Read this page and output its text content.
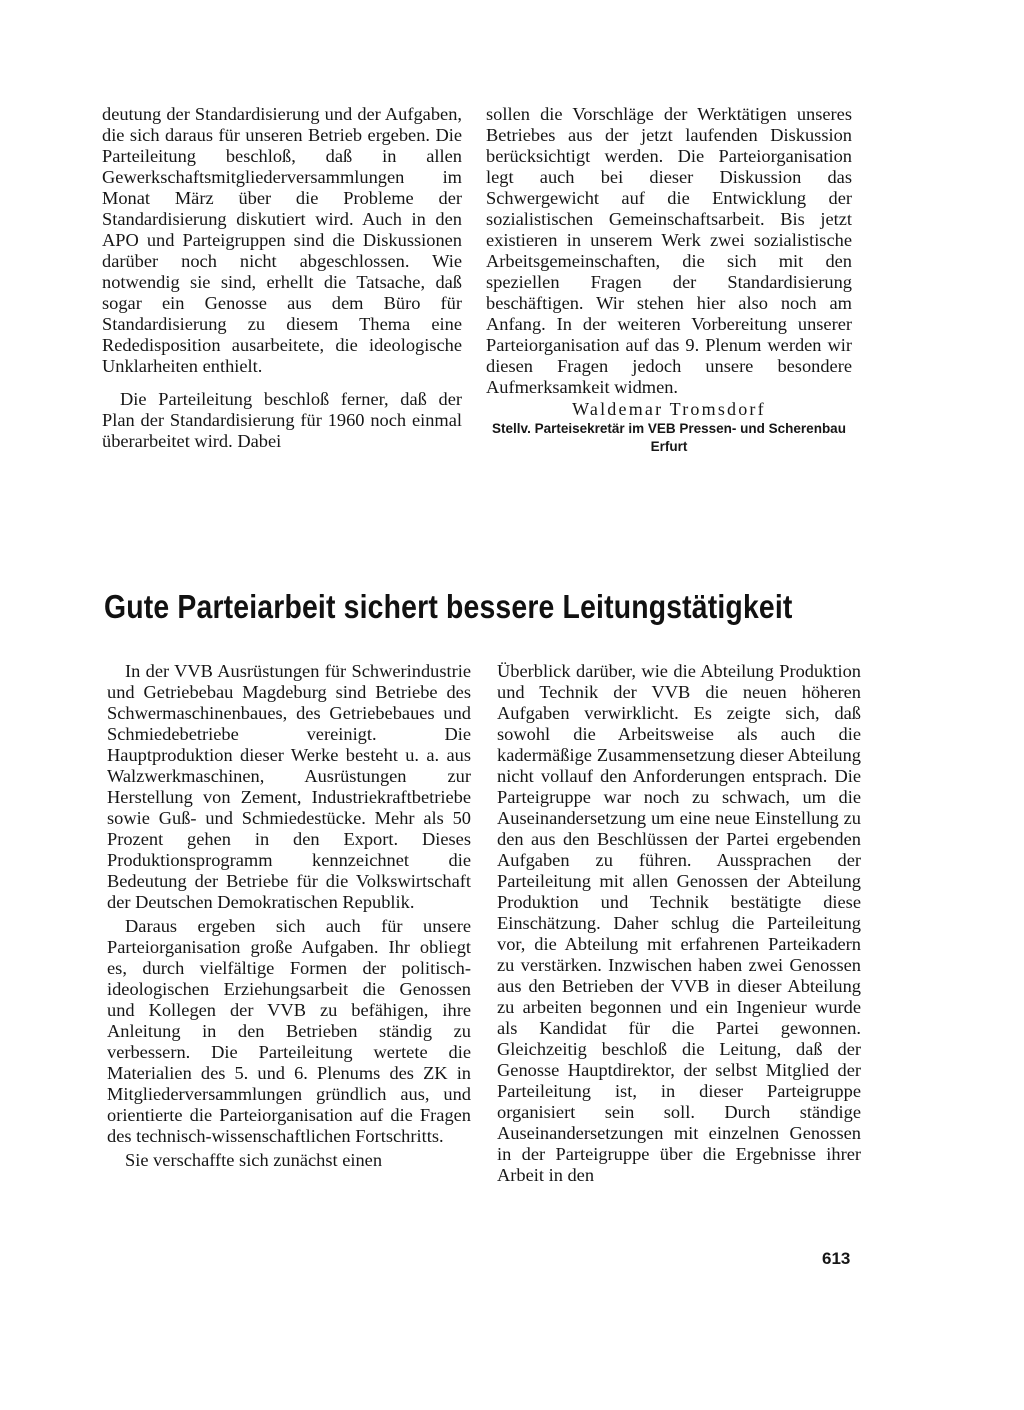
deutung der Standardisierung und der Aufgaben, die sich daraus für unseren Betrieb ergeben. Die Parteileitung beschloß, daß in allen Gewerkschaftsmitgliederversammlungen im Monat März über die Probleme der Standardisierung diskutiert wird. Auch in den APO und Parteigruppen sind die Diskussionen darüber noch nicht abgeschlossen. Wie notwendig sie sind, erhellt die Tatsache, daß sogar ein Genosse aus dem Büro für Standardisierung zu diesem Thema eine Rededisposition ausarbeitete, die ideologische Unklarheiten enthielt.

Die Parteileitung beschloß ferner, daß der Plan der Standardisierung für 1960 noch einmal überarbeitet wird. Dabei

sollen die Vorschläge der Werktätigen unseres Betriebes aus der jetzt laufenden Diskussion berücksichtigt werden. Die Parteiorganisation legt auch bei dieser Diskussion das Schwergewicht auf die Entwicklung der sozialistischen Gemeinschaftsarbeit. Bis jetzt existieren in unserem Werk zwei sozialistische Arbeitsgemeinschaften, die sich mit den speziellen Fragen der Standardisierung beschäftigen. Wir stehen hier also noch am Anfang. In der weiteren Vorbereitung unserer Parteiorganisation auf das 9. Plenum werden wir diesen Fragen jedoch unsere besondere Aufmerksamkeit widmen.

Waldemar Tromsdorf
Stellv. Parteisekretär im VEB Pressen- und Scherenbau Erfurt
Gute Parteiarbeit sichert bessere Leitungstätigkeit

In der VVB Ausrüstungen für Schwerindustrie und Getriebebau Magdeburg sind Betriebe des Schwermaschinenbaues, des Getriebebaues und Schmiedebetriebe vereinigt. Die Hauptproduktion dieser Werke besteht u. a. aus Walzwerkmaschinen, Ausrüstungen zur Herstellung von Zement, Industriekraftbetriebe sowie Guß- und Schmiedestücke. Mehr als 50 Prozent gehen in den Export. Dieses Produktionsprogramm kennzeichnet die Bedeutung der Betriebe für die Volkswirtschaft der Deutschen Demokratischen Republik.

Daraus ergeben sich auch für unsere Parteiorganisation große Aufgaben. Ihr obliegt es, durch vielfältige Formen der politisch-ideologischen Erziehungsarbeit die Genossen und Kollegen der VVB zu befähigen, ihre Anleitung in den Betrieben ständig zu verbessern. Die Parteileitung wertete die Materialien des 5. und 6. Plenums des ZK in Mitgliederversammlungen gründlich aus, und orientierte die Parteiorganisation auf die Fragen des technisch-wissenschaftlichen Fortschritts.

Sie verschaffte sich zunächst einen

Überblick darüber, wie die Abteilung Produktion und Technik der VVB die neuen höheren Aufgaben verwirklicht. Es zeigte sich, daß sowohl die Arbeitsweise als auch die kadermäßige Zusammensetzung dieser Abteilung nicht vollauf den Anforderungen entsprach. Die Parteigruppe war noch zu schwach, um die Auseinandersetzung um eine neue Einstellung zu den aus den Beschlüssen der Partei ergebenden Aufgaben zu führen. Aussprachen der Parteileitung mit allen Genossen der Abteilung Produktion und Technik bestätigte diese Einschätzung. Daher schlug die Parteileitung vor, die Abteilung mit erfahrenen Parteikadern zu verstärken. Inzwischen haben zwei Genossen aus den Betrieben der VVB in dieser Abteilung zu arbeiten begonnen und ein Ingenieur wurde als Kandidat für die Partei gewonnen. Gleichzeitig beschloß die Leitung, daß der Genosse Hauptdirektor, der selbst Mitglied der Parteileitung ist, in dieser Parteigruppe organisiert sein soll. Durch ständige Auseinandersetzungen mit einzelnen Genossen in der Parteigruppe über die Ergebnisse ihrer Arbeit in den

613
